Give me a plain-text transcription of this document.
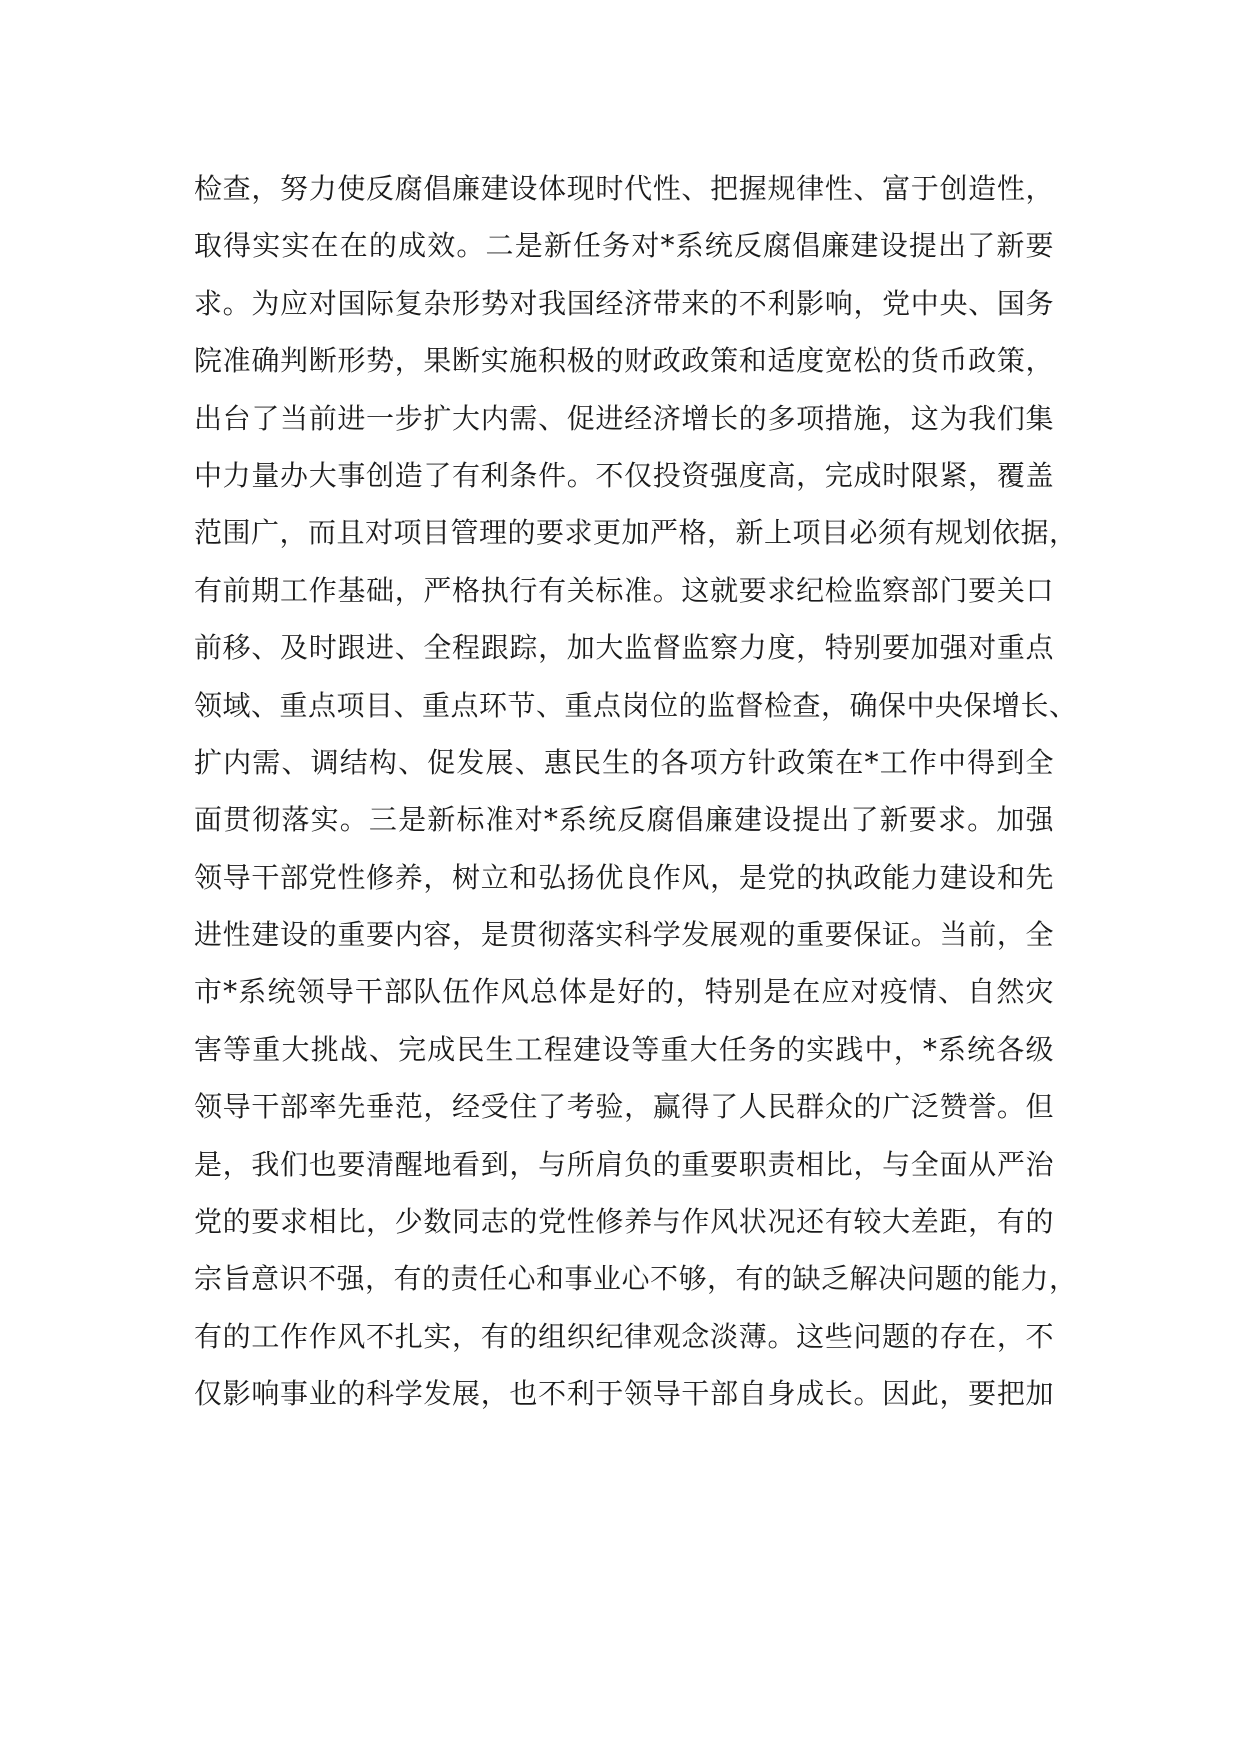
检查，努力使反腐倡廉建设体现时代性、把握规律性、富于创造性，
取得实实在在的成效。二是新任务对*系统反腐倡廉建设提出了新要
求。为应对国际复杂形势对我国经济带来的不利影响，党中央、国务
院准确判断形势，果断实施积极的财政政策和适度宽松的货币政策，
出台了当前进一步扩大内需、促进经济增长的多项措施，这为我们集
中力量办大事创造了有利条件。不仅投资强度高，完成时限紧，覆盖
范围广，而且对项目管理的要求更加严格，新上项目必须有规划依据，
有前期工作基础，严格执行有关标准。这就要求纪检监察部门要关口
前移、及时跟进、全程跟踪，加大监督监察力度，特别要加强对重点
领域、重点项目、重点环节、重点岗位的监督检查，确保中央保增长、
扩内需、调结构、促发展、惠民生的各项方针政策在*工作中得到全
面贯彻落实。三是新标准对*系统反腐倡廉建设提出了新要求。加强
领导干部党性修养，树立和弘扬优良作风，是党的执政能力建设和先
进性建设的重要内容，是贯彻落实科学发展观的重要保证。当前，全
市*系统领导干部队伍作风总体是好的，特别是在应对疫情、自然灾
害等重大挑战、完成民生工程建设等重大任务的实践中，*系统各级
领导干部率先垂范，经受住了考验，赢得了人民群众的广泛赞誉。但
是，我们也要清醒地看到，与所肩负的重要职责相比，与全面从严治
党的要求相比，少数同志的党性修养与作风状况还有较大差距，有的
宗旨意识不强，有的责任心和事业心不够，有的缺乏解决问题的能力，
有的工作作风不扎实，有的组织纪律观念淡薄。这些问题的存在，不
仅影响事业的科学发展，也不利于领导干部自身成长。因此，要把加
